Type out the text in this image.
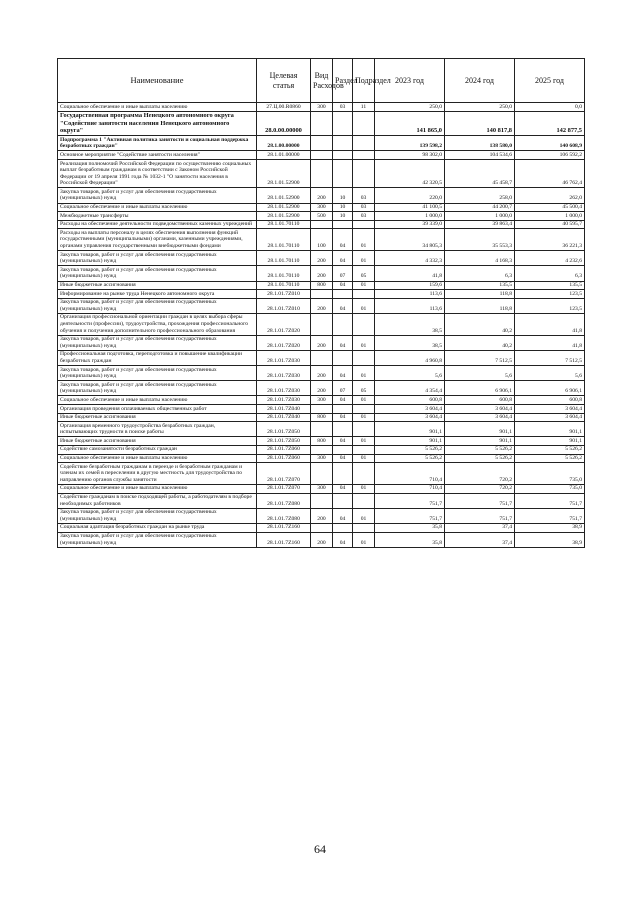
Наименование	Целевая статья	Вид Расходов	Раздел	Подраздел	2023 год	2024 год	2025 год
Социальное обеспечение и иные выплаты населению	27.Ц.00.R0860	300	03	11	250,0	250,0	0,0
Государственная программа Ненецкого автономного округа "Содействие занятости населения Ненецкого автономного округа"	28.0.00.00000				141 865,0	140 817,8	142 877,5
Подпрограмма 1 "Активная политика занятости и социальная поддержка безработных граждан"	28.1.00.00000				139 598,2	138 580,0	140 608,9
Основное мероприятие "Содействие занятости населения"	28.1.01.00000				98 302,0	104 534,6	106 592,2
Реализация полномочий Российской Федерации по осуществлению социальных выплат безработным гражданам в соответствии с Законом Российской Федерации от 19 апреля 1991 года № 1032-1 "О занятости населения в Российской Федерации"	28.1.01.52900				42 320,5	45 458,7	46 762,4
Закупка товаров, работ и услуг для обеспечения государственных (муниципальных) нужд	28.1.01.52900	200	10	03	220,0	258,0	262,0
Социальное обеспечение и иные выплаты населению	28.1.01.52900	300	10	03	41 100,5	44 200,7	45 500,4
Межбюджетные трансферты	28.1.01.52900	500	10	03	1 000,0	1 000,0	1 000,0
Расходы на обеспечение деятельности подведомственных казенных учреждений	28.1.01.70110				39 339,0	39 863,4	40 595,7
Расходы на выплаты персоналу в целях обеспечения выполнения функций государственными (муниципальными) органами, казенными учреждениями, органами управления государственными внебюджетными фондами	28.1.01.70110	100	04	01	34 805,3	35 553,3	36 221,3
Закупка товаров, работ и услуг для обеспечения государственных (муниципальных) нужд	28.1.01.70110	200	04	01	4 332,3	4 168,3	4 232,6
Закупка товаров, работ и услуг для обеспечения государственных (муниципальных) нужд	28.1.01.70110	200	07	05	41,8	6,3	6,3
Иные бюджетные ассигнования	28.1.01.70110	800	04	01	159,6	135,5	135,5
Информирование на рынке труда Ненецкого автономного округа	28.1.01.7Z010				113,6	118,8	123,5
Закупка товаров, работ и услуг для обеспечения государственных (муниципальных) нужд	28.1.01.7Z010	200	04	01	113,6	118,8	123,5
Организация профессиональной ориентации граждан в целях выбора сферы деятельности (профессии), трудоустройства, прохождения профессионального обучения и получения дополнительного профессионального образования	28.1.01.7Z020				38,5	40,2	41,8
Закупка товаров, работ и услуг для обеспечения государственных (муниципальных) нужд	28.1.01.7Z020	200	04	01	38,5	40,2	41,8
Профессиональная подготовка, переподготовка и повышение квалификации безработных граждан	28.1.01.7Z030				4 960,8	7 512,5	7 512,5
Закупка товаров, работ и услуг для обеспечения государственных (муниципальных) нужд	28.1.01.7Z030	200	04	01	5,6	5,6	5,6
Закупка товаров, работ и услуг для обеспечения государственных (муниципальных) нужд	28.1.01.7Z030	200	07	05	4 354,4	6 906,1	6 906,1
Социальное обеспечение и иные выплаты населению	28.1.01.7Z030	300	04	01	600,8	600,8	600,8
Организация проведения оплачиваемых общественных работ	28.1.01.7Z040				3 604,4	3 604,4	3 604,4
Иные бюджетные ассигнования	28.1.01.7Z040	800	04	01	3 604,4	3 604,4	3 604,4
Организация временного трудоустройства безработных граждан, испытывающих трудности в поиске работы	28.1.01.7Z050				901,1	901,1	901,1
Иные бюджетные ассигнования	28.1.01.7Z050	800	04	01	901,1	901,1	901,1
Содействие самозанятости безработных граждан	28.1.01.7Z060				5 526,2	5 526,2	5 526,2
Социальное обеспечение и иные выплаты населению	28.1.01.7Z060	300	04	01	5 526,2	5 526,2	5 526,2
Содействие безработным гражданам в переезде и безработным гражданам и членам их семей в переселении в другую местность для трудоустройства по направлению органов службы занятости	28.1.01.7Z070				710,4	720,2	735,0
Социальное обеспечение и иные выплаты населению	28.1.01.7Z070	300	04	01	710,4	720,2	735,0
Содействие гражданам в поиске подходящей работы, а работодателям в подборе необходимых работников	28.1.01.7Z080				751,7	751,7	751,7
Закупка товаров, работ и услуг для обеспечения государственных (муниципальных) нужд	28.1.01.7Z080	200	04	01	751,7	751,7	751,7
Социальная адаптация безработных граждан на рынке труда	28.1.01.7Z160				35,8	37,4	38,9
Закупка товаров, работ и услуг для обеспечения государственных (муниципальных) нужд	28.1.01.7Z160	200	04	01	35,8	37,4	38,9
64
